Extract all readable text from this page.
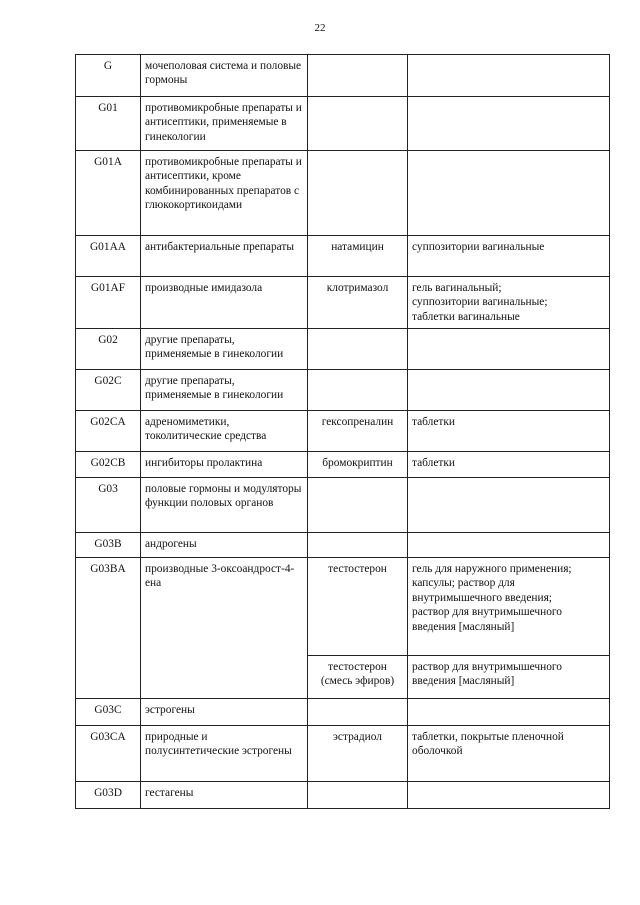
22
G	мочеполовая система и половые гормоны		
G01	противомикробные препараты и антисептики, применяемые в гинекологии		
G01A	противомикробные препараты и антисептики, кроме комбинированных препаратов с глюкокортикоидами		
G01AA	антибактериальные препараты	натамицин	суппозитории вагинальные
G01AF	производные имидазола	клотримазол	гель вагинальный;
суппозитории вагинальные;
таблетки вагинальные
G02	другие препараты, применяемые в гинекологии		
G02C	другие препараты, применяемые в гинекологии		
G02CA	адреномиметики, токолитические средства	гексопреналин	таблетки
G02CB	ингибиторы пролактина	бромокриптин	таблетки
G03	половые гормоны и модуляторы функции половых органов		
G03B	андрогены		
G03BA	производные 3-оксоандрост-4-ена	тестостерон	гель для наружного применения;
капсулы; раствор для внутримышечного введения;
раствор для внутримышечного введения [масляный]
		тестостерон (смесь эфиров)	раствор для внутримышечного введения [масляный]
G03C	эстрогены		
G03CA	природные и полусинтетические эстрогены	эстрадиол	таблетки, покрытые пленочной оболочкой
G03D	гестагены		
